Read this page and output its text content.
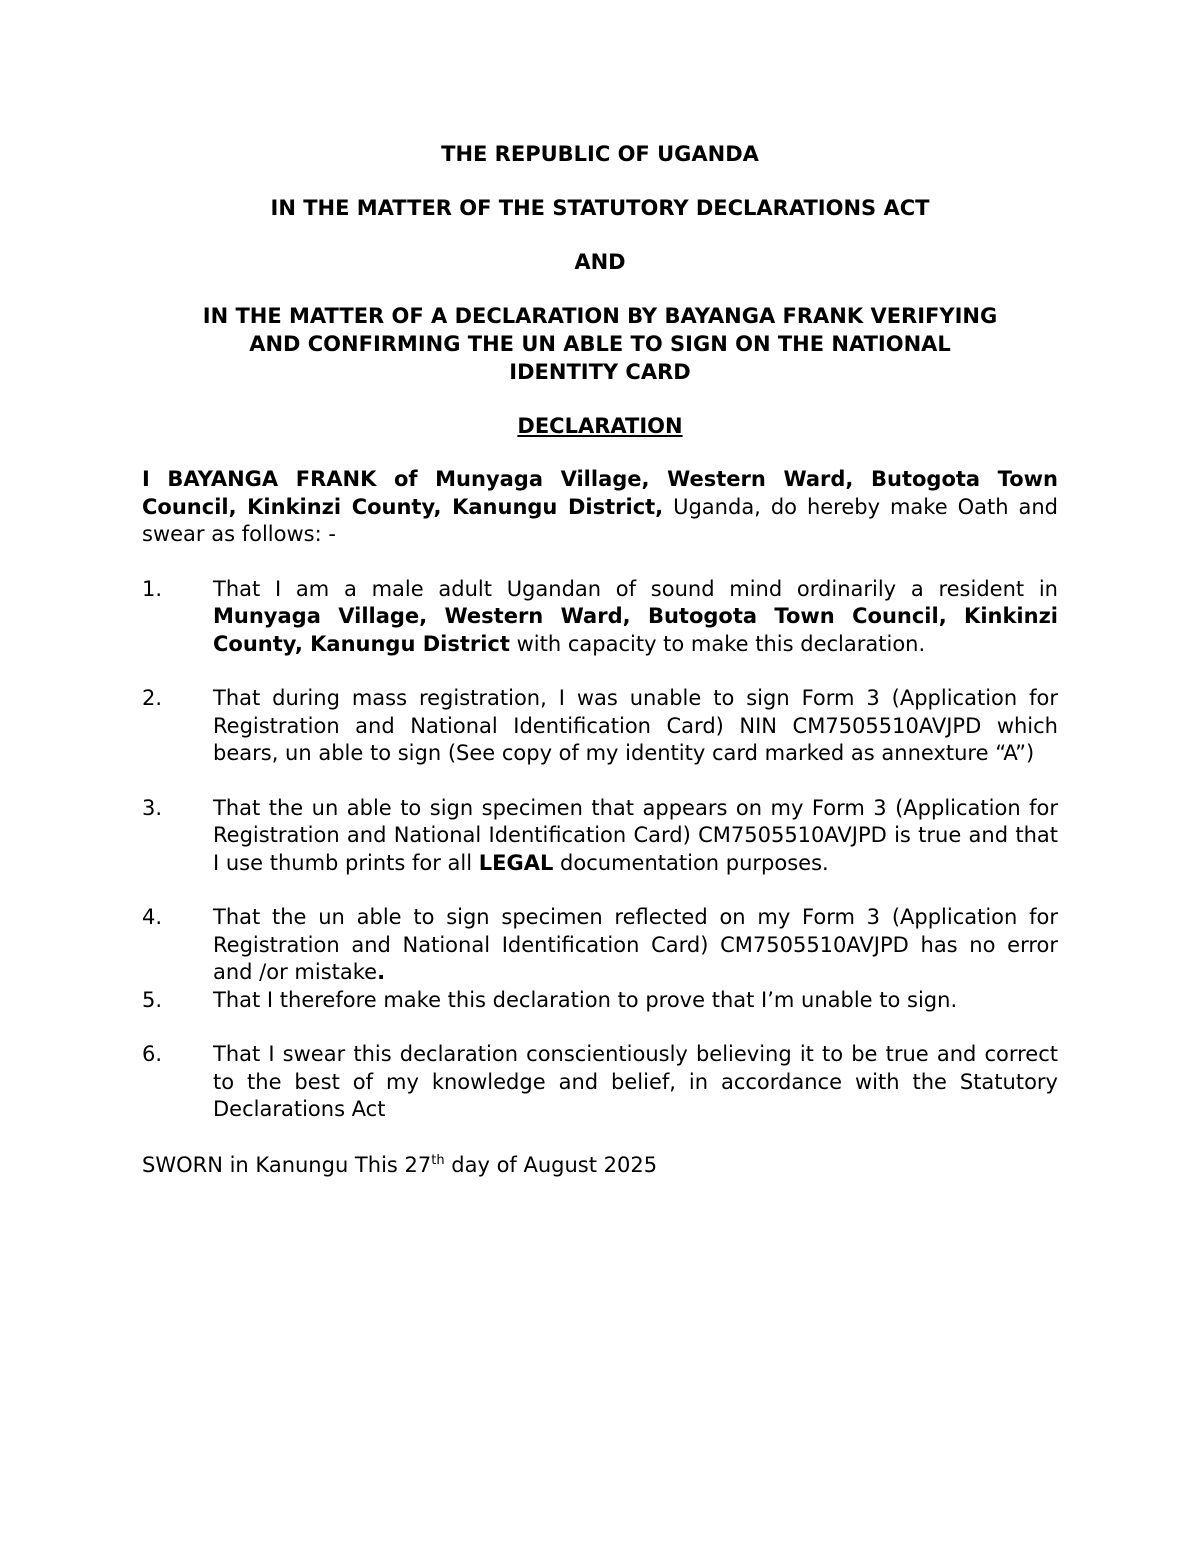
THE REPUBLIC OF UGANDA
IN THE MATTER OF THE STATUTORY DECLARATIONS ACT
AND
IN THE MATTER OF A DECLARATION BY BAYANGA FRANK VERIFYING
AND CONFIRMING THE UN ABLE TO SIGN ON THE NATIONAL
IDENTITY CARD
DECLARATION
I BAYANGA FRANK of Munyaga Village, Western Ward, Butogota Town Council, Kinkinzi County, Kanungu District, Uganda, do hereby make Oath and swear as follows: -
1. That I am a male adult Ugandan of sound mind ordinarily a resident in Munyaga Village, Western Ward, Butogota Town Council, Kinkinzi County, Kanungu District with capacity to make this declaration.

2. That during mass registration, I was unable to sign Form 3 (Application for Registration and National Identification Card) NIN CM7505510AVJPD which bears, un able to sign (See copy of my identity card marked as annexture “A”)

3. That the un able to sign specimen that appears on my Form 3 (Application for Registration and National Identification Card) CM7505510AVJPD is true and that I use thumb prints for all LEGAL documentation purposes.

4. That the un able to sign specimen reflected on my Form 3 (Application for Registration and National Identification Card) CM7505510AVJPD has no error and /or mistake.

5. That I therefore make this declaration to prove that I’m unable to sign.

6. That I swear this declaration conscientiously believing it to be true and correct to the best of my knowledge and belief, in accordance with the Statutory Declarations Act

SWORN in Kanungu This 27th day of August 2025
